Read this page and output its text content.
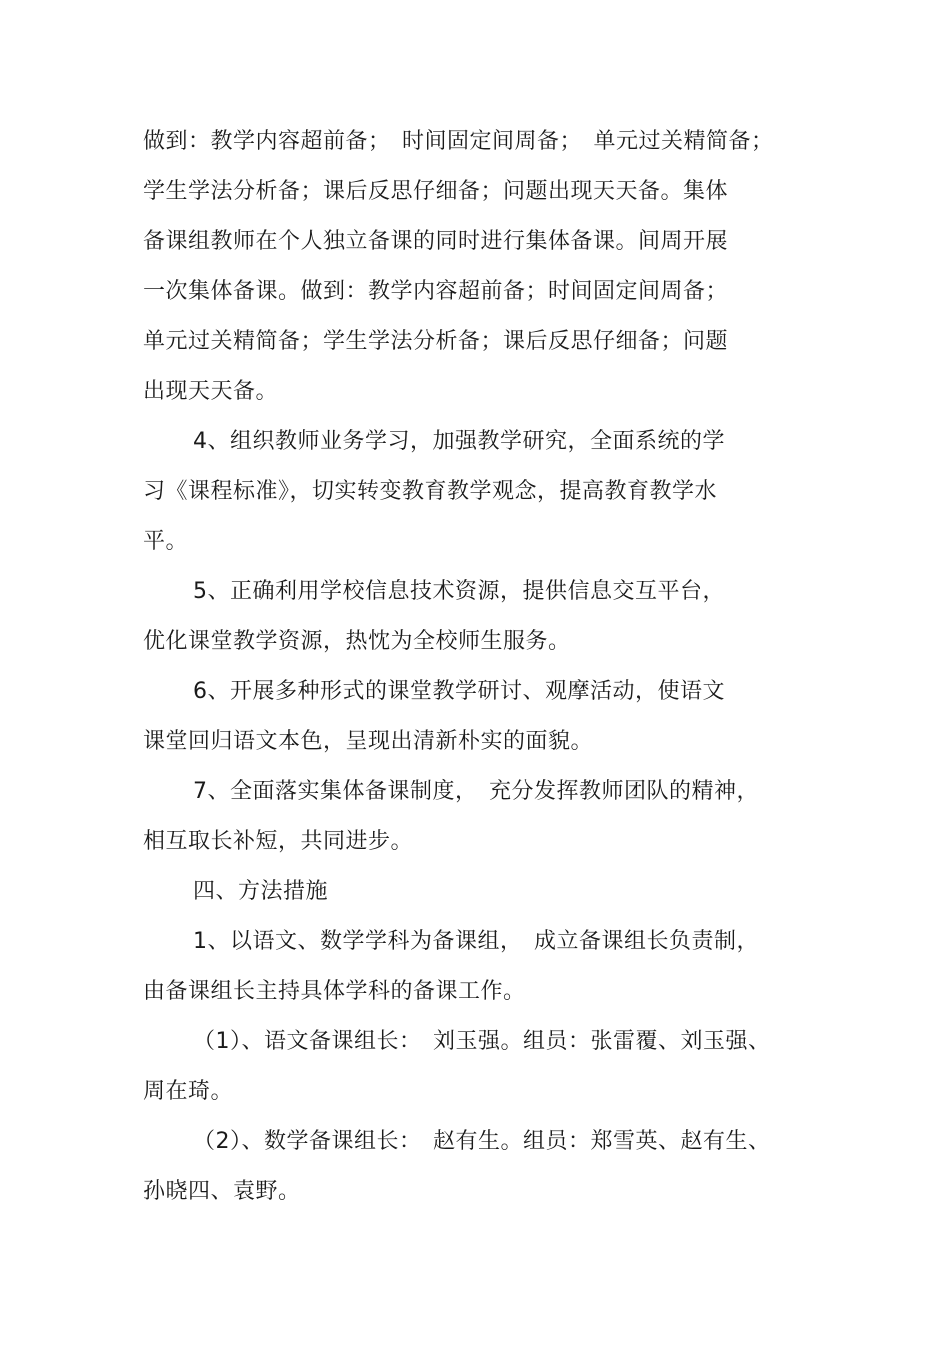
做到：教学内容超前备；　时间固定间周备；　单元过关精简备；
学生学法分析备；课后反思仔细备；问题出现天天备。集体
备课组教师在个人独立备课的同时进行集体备课。间周开展
一次集体备课。做到：教学内容超前备；时间固定间周备；
单元过关精简备；学生学法分析备；课后反思仔细备；问题
出现天天备。
4、组织教师业务学习，加强教学研究，全面系统的学
习《课程标准》，切实转变教育教学观念，提高教育教学水
平。
5、正确利用学校信息技术资源，提供信息交互平台，
优化课堂教学资源，热忱为全校师生服务。
6、开展多种形式的课堂教学研讨、观摩活动，使语文
课堂回归语文本色，呈现出清新朴实的面貌。
7、全面落实集体备课制度，　充分发挥教师团队的精神，
相互取长补短，共同进步。
四、方法措施
1、以语文、数学学科为备课组，　成立备课组长负责制，
由备课组长主持具体学科的备课工作。
（1）、语文备课组长：　刘玉强。组员：张雷覆、刘玉强、
周在琦。
（2）、数学备课组长：　赵有生。组员：郑雪英、赵有生、
孙晓四、袁野。
